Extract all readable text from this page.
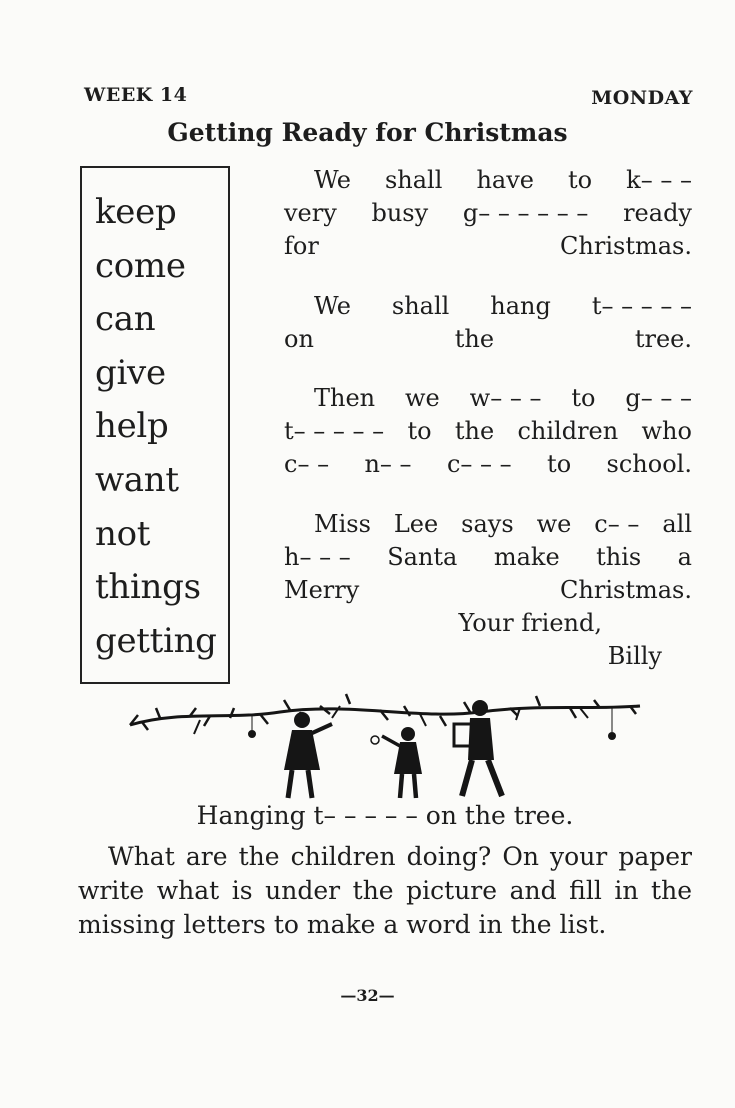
WEEK 14	MONDAY
Getting Ready for Christmas
keep
come
can
give
help
want
not
things
getting
We shall have to k– – –
very busy g– – – – – – ready
for	Christmas.
We shall hang t– – – – –
on	the	tree.
Then we w– – – to g– – –
t– – – – – to the children who
c– – n– – c– – – to school.
Miss Lee says we c– – all
h– – – Santa make this a
Merry	Christmas.
Your friend,
Billy
Hanging t– – – – – on the tree.
What are the children doing? On your paper write what is under the picture and fill in the missing letters to make a word in the list.
—32—
